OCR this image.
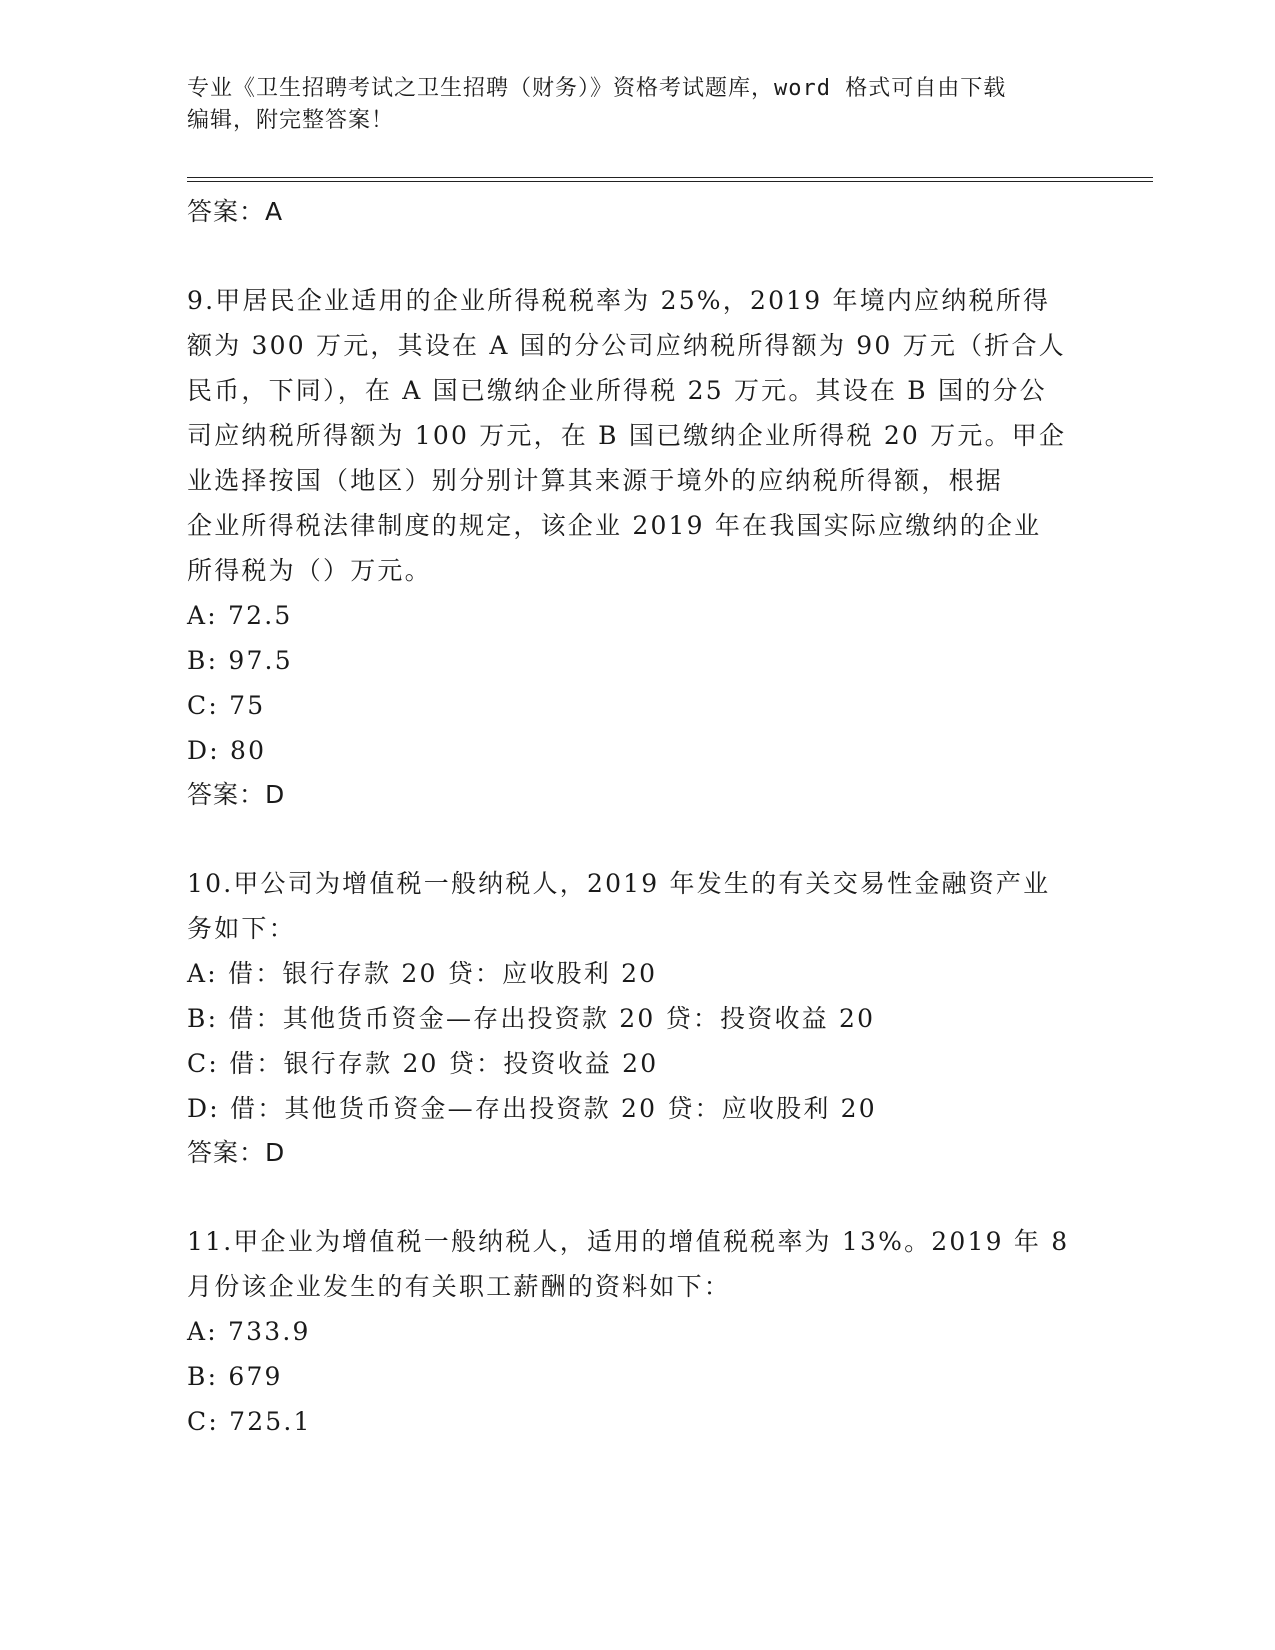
专业《卫生招聘考试之卫生招聘（财务）》资格考试题库，word 格式可自由下载
编辑，附完整答案！
答案：A
9.甲居民企业适用的企业所得税税率为 25%，2019 年境内应纳税所得
额为 300 万元，其设在 A 国的分公司应纳税所得额为 90 万元（折合人
民币，下同），在 A 国已缴纳企业所得税 25 万元。其设在 B 国的分公
司应纳税所得额为 100 万元，在 B 国已缴纳企业所得税 20 万元。甲企
业选择按国（地区）别分别计算其来源于境外的应纳税所得额，根据
企业所得税法律制度的规定，该企业 2019 年在我国实际应缴纳的企业
所得税为（）万元。
A: 72.5
B: 97.5
C: 75
D: 80
答案：D
10.甲公司为增值税一般纳税人，2019 年发生的有关交易性金融资产业
务如下：
A: 借：银行存款 20 贷：应收股利 20
B: 借：其他货币资金—存出投资款 20 贷：投资收益 20
C: 借：银行存款 20 贷：投资收益 20
D: 借：其他货币资金—存出投资款 20 贷：应收股利 20
答案：D
11.甲企业为增值税一般纳税人，适用的增值税税率为 13%。2019 年 8
月份该企业发生的有关职工薪酬的资料如下：
A: 733.9
B: 679
C: 725.1
